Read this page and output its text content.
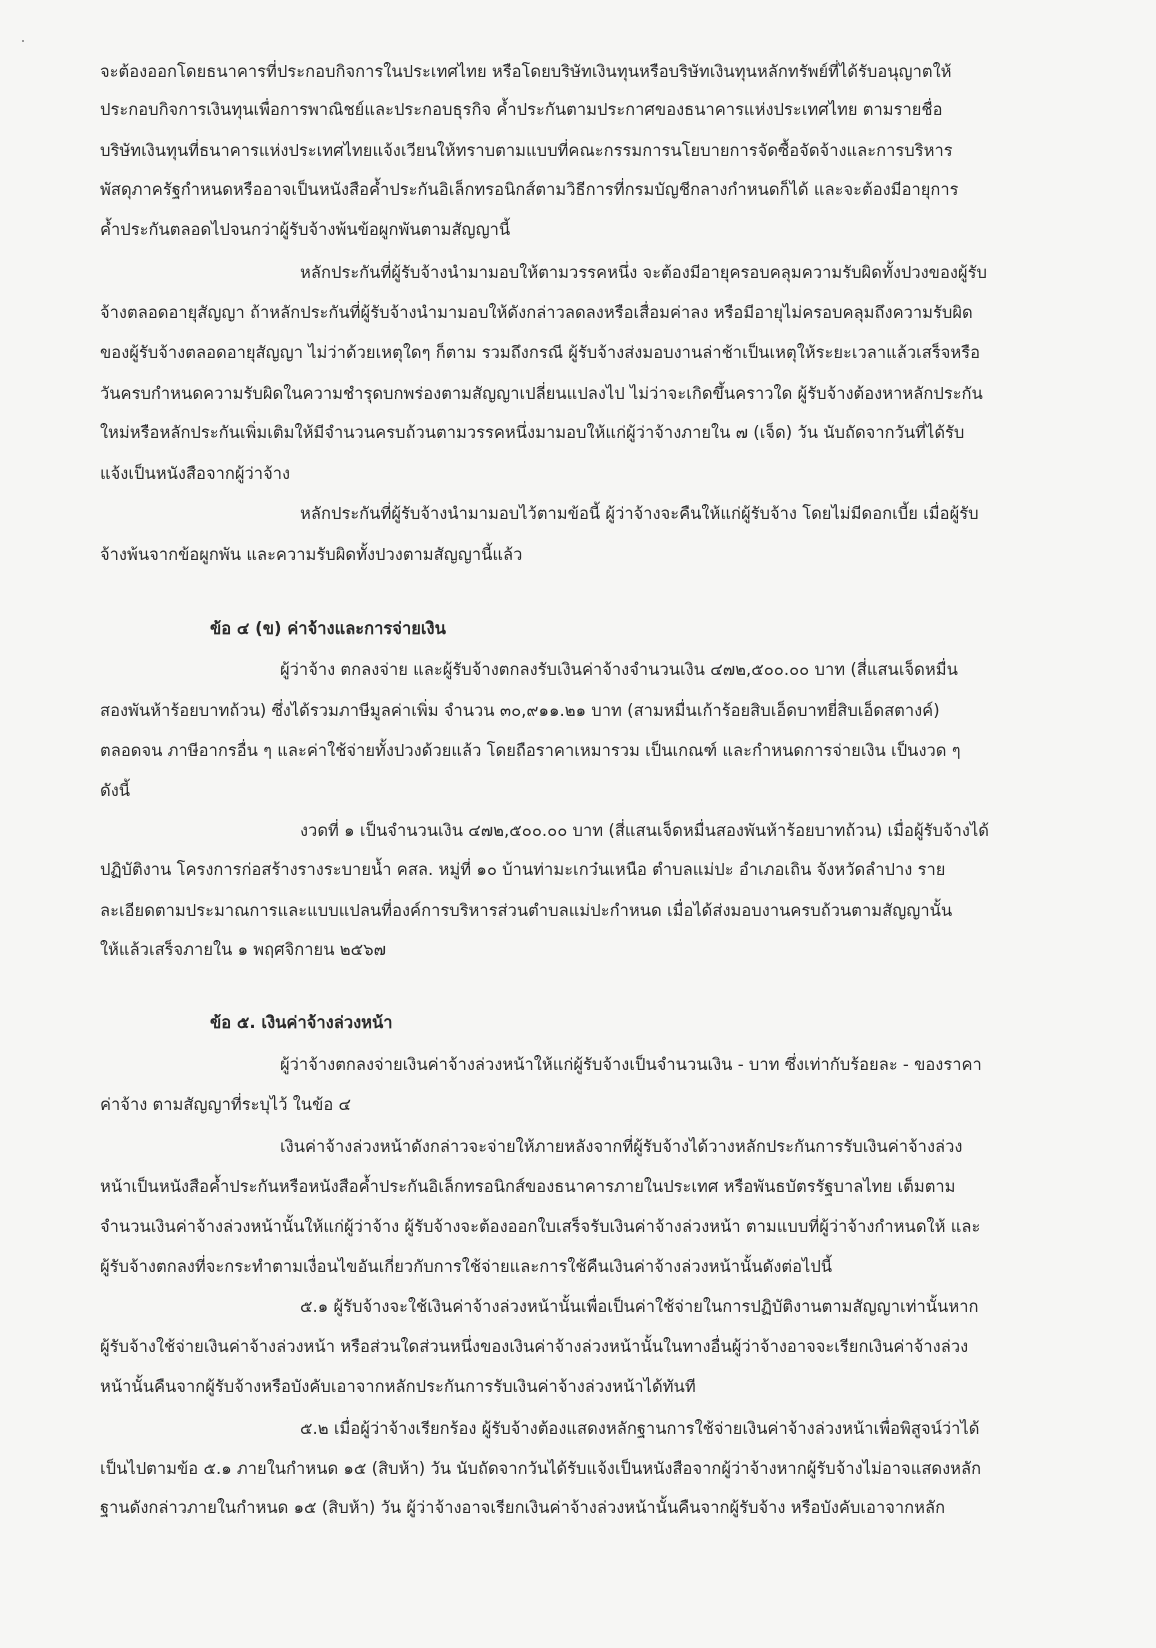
จะต้องออกโดยธนาคารที่ประกอบกิจการในประเทศไทย หรือโดยบริษัทเงินทุนหรือบริษัทเงินทุนหลักทรัพย์ที่ได้รับอนุญาตให้
ประกอบกิจการเงินทุนเพื่อการพาณิชย์และประกอบธุรกิจ ค้ำประกันตามประกาศของธนาคารแห่งประเทศไทย ตามรายชื่อ
บริษัทเงินทุนที่ธนาคารแห่งประเทศไทยแจ้งเวียนให้ทราบตามแบบที่คณะกรรมการนโยบายการจัดซื้อจัดจ้างและการบริหาร
พัสดุภาครัฐกำหนดหรืออาจเป็นหนังสือค้ำประกันอิเล็กทรอนิกส์ตามวิธีการที่กรมบัญชีกลางกำหนดก็ได้ และจะต้องมีอายุการ
ค้ำประกันตลอดไปจนกว่าผู้รับจ้างพ้นข้อผูกพันตามสัญญานี้
หลักประกันที่ผู้รับจ้างนำมามอบให้ตามวรรคหนึ่ง จะต้องมีอายุครอบคลุมความรับผิดทั้งปวงของผู้รับ
จ้างตลอดอายุสัญญา ถ้าหลักประกันที่ผู้รับจ้างนำมามอบให้ดังกล่าวลดลงหรือเสื่อมค่าลง หรือมีอายุไม่ครอบคลุมถึงความรับผิด
ของผู้รับจ้างตลอดอายุสัญญา ไม่ว่าด้วยเหตุใดๆ ก็ตาม รวมถึงกรณี ผู้รับจ้างส่งมอบงานล่าช้าเป็นเหตุให้ระยะเวลาแล้วเสร็จหรือ
วันครบกำหนดความรับผิดในความชำรุดบกพร่องตามสัญญาเปลี่ยนแปลงไป ไม่ว่าจะเกิดขึ้นคราวใด ผู้รับจ้างต้องหาหลักประกัน
ใหม่หรือหลักประกันเพิ่มเติมให้มีจำนวนครบถ้วนตามวรรคหนึ่งมามอบให้แก่ผู้ว่าจ้างภายใน ๗ (เจ็ด) วัน นับถัดจากวันที่ได้รับ
แจ้งเป็นหนังสือจากผู้ว่าจ้าง
หลักประกันที่ผู้รับจ้างนำมามอบไว้ตามข้อนี้ ผู้ว่าจ้างจะคืนให้แก่ผู้รับจ้าง โดยไม่มีดอกเบี้ย เมื่อผู้รับ
จ้างพ้นจากข้อผูกพัน และความรับผิดทั้งปวงตามสัญญานี้แล้ว
ข้อ ๔ (ข) ค่าจ้างและการจ่ายเงิน
ผู้ว่าจ้าง ตกลงจ่าย และผู้รับจ้างตกลงรับเงินค่าจ้างจำนวนเงิน ๔๗๒,๕๐๐.๐๐ บาท (สี่แสนเจ็ดหมื่น
สองพันห้าร้อยบาทถ้วน) ซึ่งได้รวมภาษีมูลค่าเพิ่ม จำนวน ๓๐,๙๑๑.๒๑ บาท (สามหมื่นเก้าร้อยสิบเอ็ดบาทยี่สิบเอ็ดสตางค์)
ตลอดจน ภาษีอากรอื่น ๆ และค่าใช้จ่ายทั้งปวงด้วยแล้ว โดยถือราคาเหมารวม เป็นเกณฑ์ และกำหนดการจ่ายเงิน เป็นงวด ๆ
ดังนี้
งวดที่ ๑ เป็นจำนวนเงิน ๔๗๒,๕๐๐.๐๐ บาท (สี่แสนเจ็ดหมื่นสองพันห้าร้อยบาทถ้วน) เมื่อผู้รับจ้างได้
ปฏิบัติงาน โครงการก่อสร้างรางระบายน้ำ คสล. หมู่ที่ ๑๐ บ้านท่ามะเกว๋นเหนือ ตำบลแม่ปะ อำเภอเถิน จังหวัดลำปาง ราย
ละเอียดตามประมาณการและแบบแปลนที่องค์การบริหารส่วนตำบลแม่ปะกำหนด เมื่อได้ส่งมอบงานครบถ้วนตามสัญญานั้น
ให้แล้วเสร็จภายใน ๑ พฤศจิกายน ๒๕๖๗
ข้อ ๕. เงินค่าจ้างล่วงหน้า
ผู้ว่าจ้างตกลงจ่ายเงินค่าจ้างล่วงหน้าให้แก่ผู้รับจ้างเป็นจำนวนเงิน - บาท ซึ่งเท่ากับร้อยละ - ของราคา
ค่าจ้าง ตามสัญญาที่ระบุไว้ ในข้อ ๔
เงินค่าจ้างล่วงหน้าดังกล่าวจะจ่ายให้ภายหลังจากที่ผู้รับจ้างได้วางหลักประกันการรับเงินค่าจ้างล่วง
หน้าเป็นหนังสือค้ำประกันหรือหนังสือค้ำประกันอิเล็กทรอนิกส์ของธนาคารภายในประเทศ หรือพันธบัตรรัฐบาลไทย เต็มตาม
จำนวนเงินค่าจ้างล่วงหน้านั้นให้แก่ผู้ว่าจ้าง ผู้รับจ้างจะต้องออกใบเสร็จรับเงินค่าจ้างล่วงหน้า ตามแบบที่ผู้ว่าจ้างกำหนดให้ และ
ผู้รับจ้างตกลงที่จะกระทำตามเงื่อนไขอันเกี่ยวกับการใช้จ่ายและการใช้คืนเงินค่าจ้างล่วงหน้านั้นดังต่อไปนี้
๕.๑ ผู้รับจ้างจะใช้เงินค่าจ้างล่วงหน้านั้นเพื่อเป็นค่าใช้จ่ายในการปฏิบัติงานตามสัญญาเท่านั้นหาก
ผู้รับจ้างใช้จ่ายเงินค่าจ้างล่วงหน้า หรือส่วนใดส่วนหนึ่งของเงินค่าจ้างล่วงหน้านั้นในทางอื่นผู้ว่าจ้างอาจจะเรียกเงินค่าจ้างล่วง
หน้านั้นคืนจากผู้รับจ้างหรือบังคับเอาจากหลักประกันการรับเงินค่าจ้างล่วงหน้าได้ทันที
๕.๒ เมื่อผู้ว่าจ้างเรียกร้อง ผู้รับจ้างต้องแสดงหลักฐานการใช้จ่ายเงินค่าจ้างล่วงหน้าเพื่อพิสูจน์ว่าได้
เป็นไปตามข้อ ๕.๑ ภายในกำหนด ๑๕ (สิบห้า) วัน นับถัดจากวันได้รับแจ้งเป็นหนังสือจากผู้ว่าจ้างหากผู้รับจ้างไม่อาจแสดงหลัก
ฐานดังกล่าวภายในกำหนด ๑๕ (สิบห้า) วัน ผู้ว่าจ้างอาจเรียกเงินค่าจ้างล่วงหน้านั้นคืนจากผู้รับจ้าง หรือบังคับเอาจากหลัก
